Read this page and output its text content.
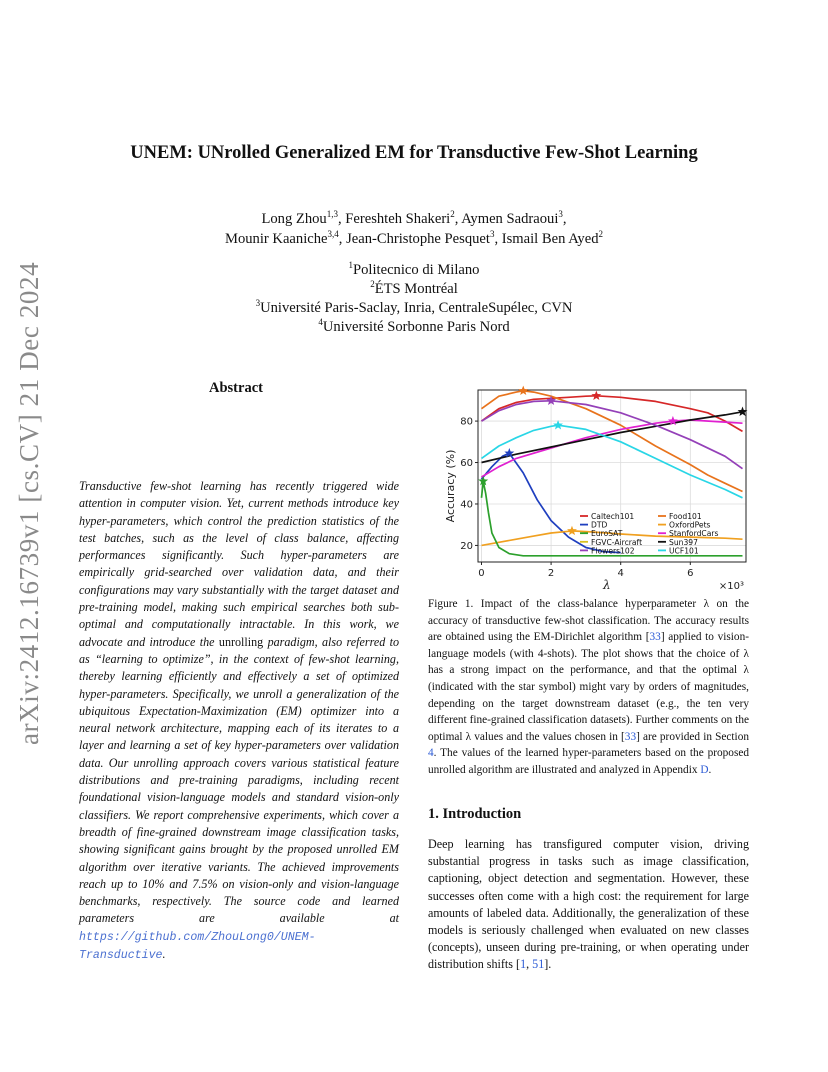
arXiv:2412.16739v1 [cs.CV] 21 Dec 2024
UNEM: UNrolled Generalized EM for Transductive Few-Shot Learning
Long Zhou$^{1,3}$, Fereshteh Shakeri$^2$, Aymen Sadraoui$^3$,
Mounir Kaaniche$^{3,4}$, Jean-Christophe Pesquet$^3$, Ismail Ben Ayed$^2$
$^1$Politecnico di Milano
$^2$ÉTS Montréal
$^3$Université Paris-Saclay, Inria, CentraleSupélec, CVN
$^4$Université Sorbonne Paris Nord
Abstract
Transductive few-shot learning has recently triggered wide attention in computer vision. Yet, current methods introduce key hyper-parameters, which control the prediction statistics of the test batches, such as the level of class balance, affecting performances significantly. Such hyper-parameters are empirically grid-searched over validation data, and their configurations may vary substantially with the target dataset and pre-training model, making such empirical searches both sub-optimal and computationally intractable. In this work, we advocate and introduce the unrolling paradigm, also referred to as “learning to optimize”, in the context of few-shot learning, thereby learning efficiently and effectively a set of optimized hyper-parameters. Specifically, we unroll a generalization of the ubiquitous Expectation-Maximization (EM) optimizer into a neural network architecture, mapping each of its iterates to a layer and learning a set of key hyper-parameters over validation data. Our unrolling approach covers various statistical feature distributions and pre-training paradigms, including recent foundational vision-language models and standard vision-only classifiers. We report comprehensive experiments, which cover a breadth of fine-grained downstream image classification tasks, showing significant gains brought by the proposed unrolled EM algorithm over iterative variants. The achieved improvements reach up to 10% and 7.5% on vision-only and vision-language benchmarks, respectively. The source code and learned parameters are available at https://github.com/ZhouLong0/UNEM-Transductive.
0	2	4	6
20
40
60
80
Accuracy (%)
λ	×10³
Caltech101	Food101
DTD	OxfordPets
EuroSAT	StanfordCars
FGVC-Aircraft	Sun397
Flowers102	UCF101
Figure 1. Impact of the class-balance hyperparameter λ on the accuracy of transductive few-shot classification. The accuracy results are obtained using the EM-Dirichlet algorithm [33] applied to vision-language models (with 4-shots). The plot shows that the choice of λ has a strong impact on the performance, and that the optimal λ (indicated with the star symbol) might vary by orders of magnitudes, depending on the target downstream dataset (e.g., the ten very different fine-grained classification datasets). Further comments on the optimal λ values and the values chosen in [33] are provided in Section 4. The values of the learned hyper-parameters based on the proposed unrolled algorithm are illustrated and analyzed in Appendix D.
1. Introduction
Deep learning has transfigured computer vision, driving substantial progress in tasks such as image classification, captioning, object detection and segmentation. However, these successes often come with a high cost: the requirement for large amounts of labeled data. Additionally, the generalization of these models is seriously challenged when evaluated on new classes (concepts), unseen during pre-training, or when operating under distribution shifts [1, 51].
